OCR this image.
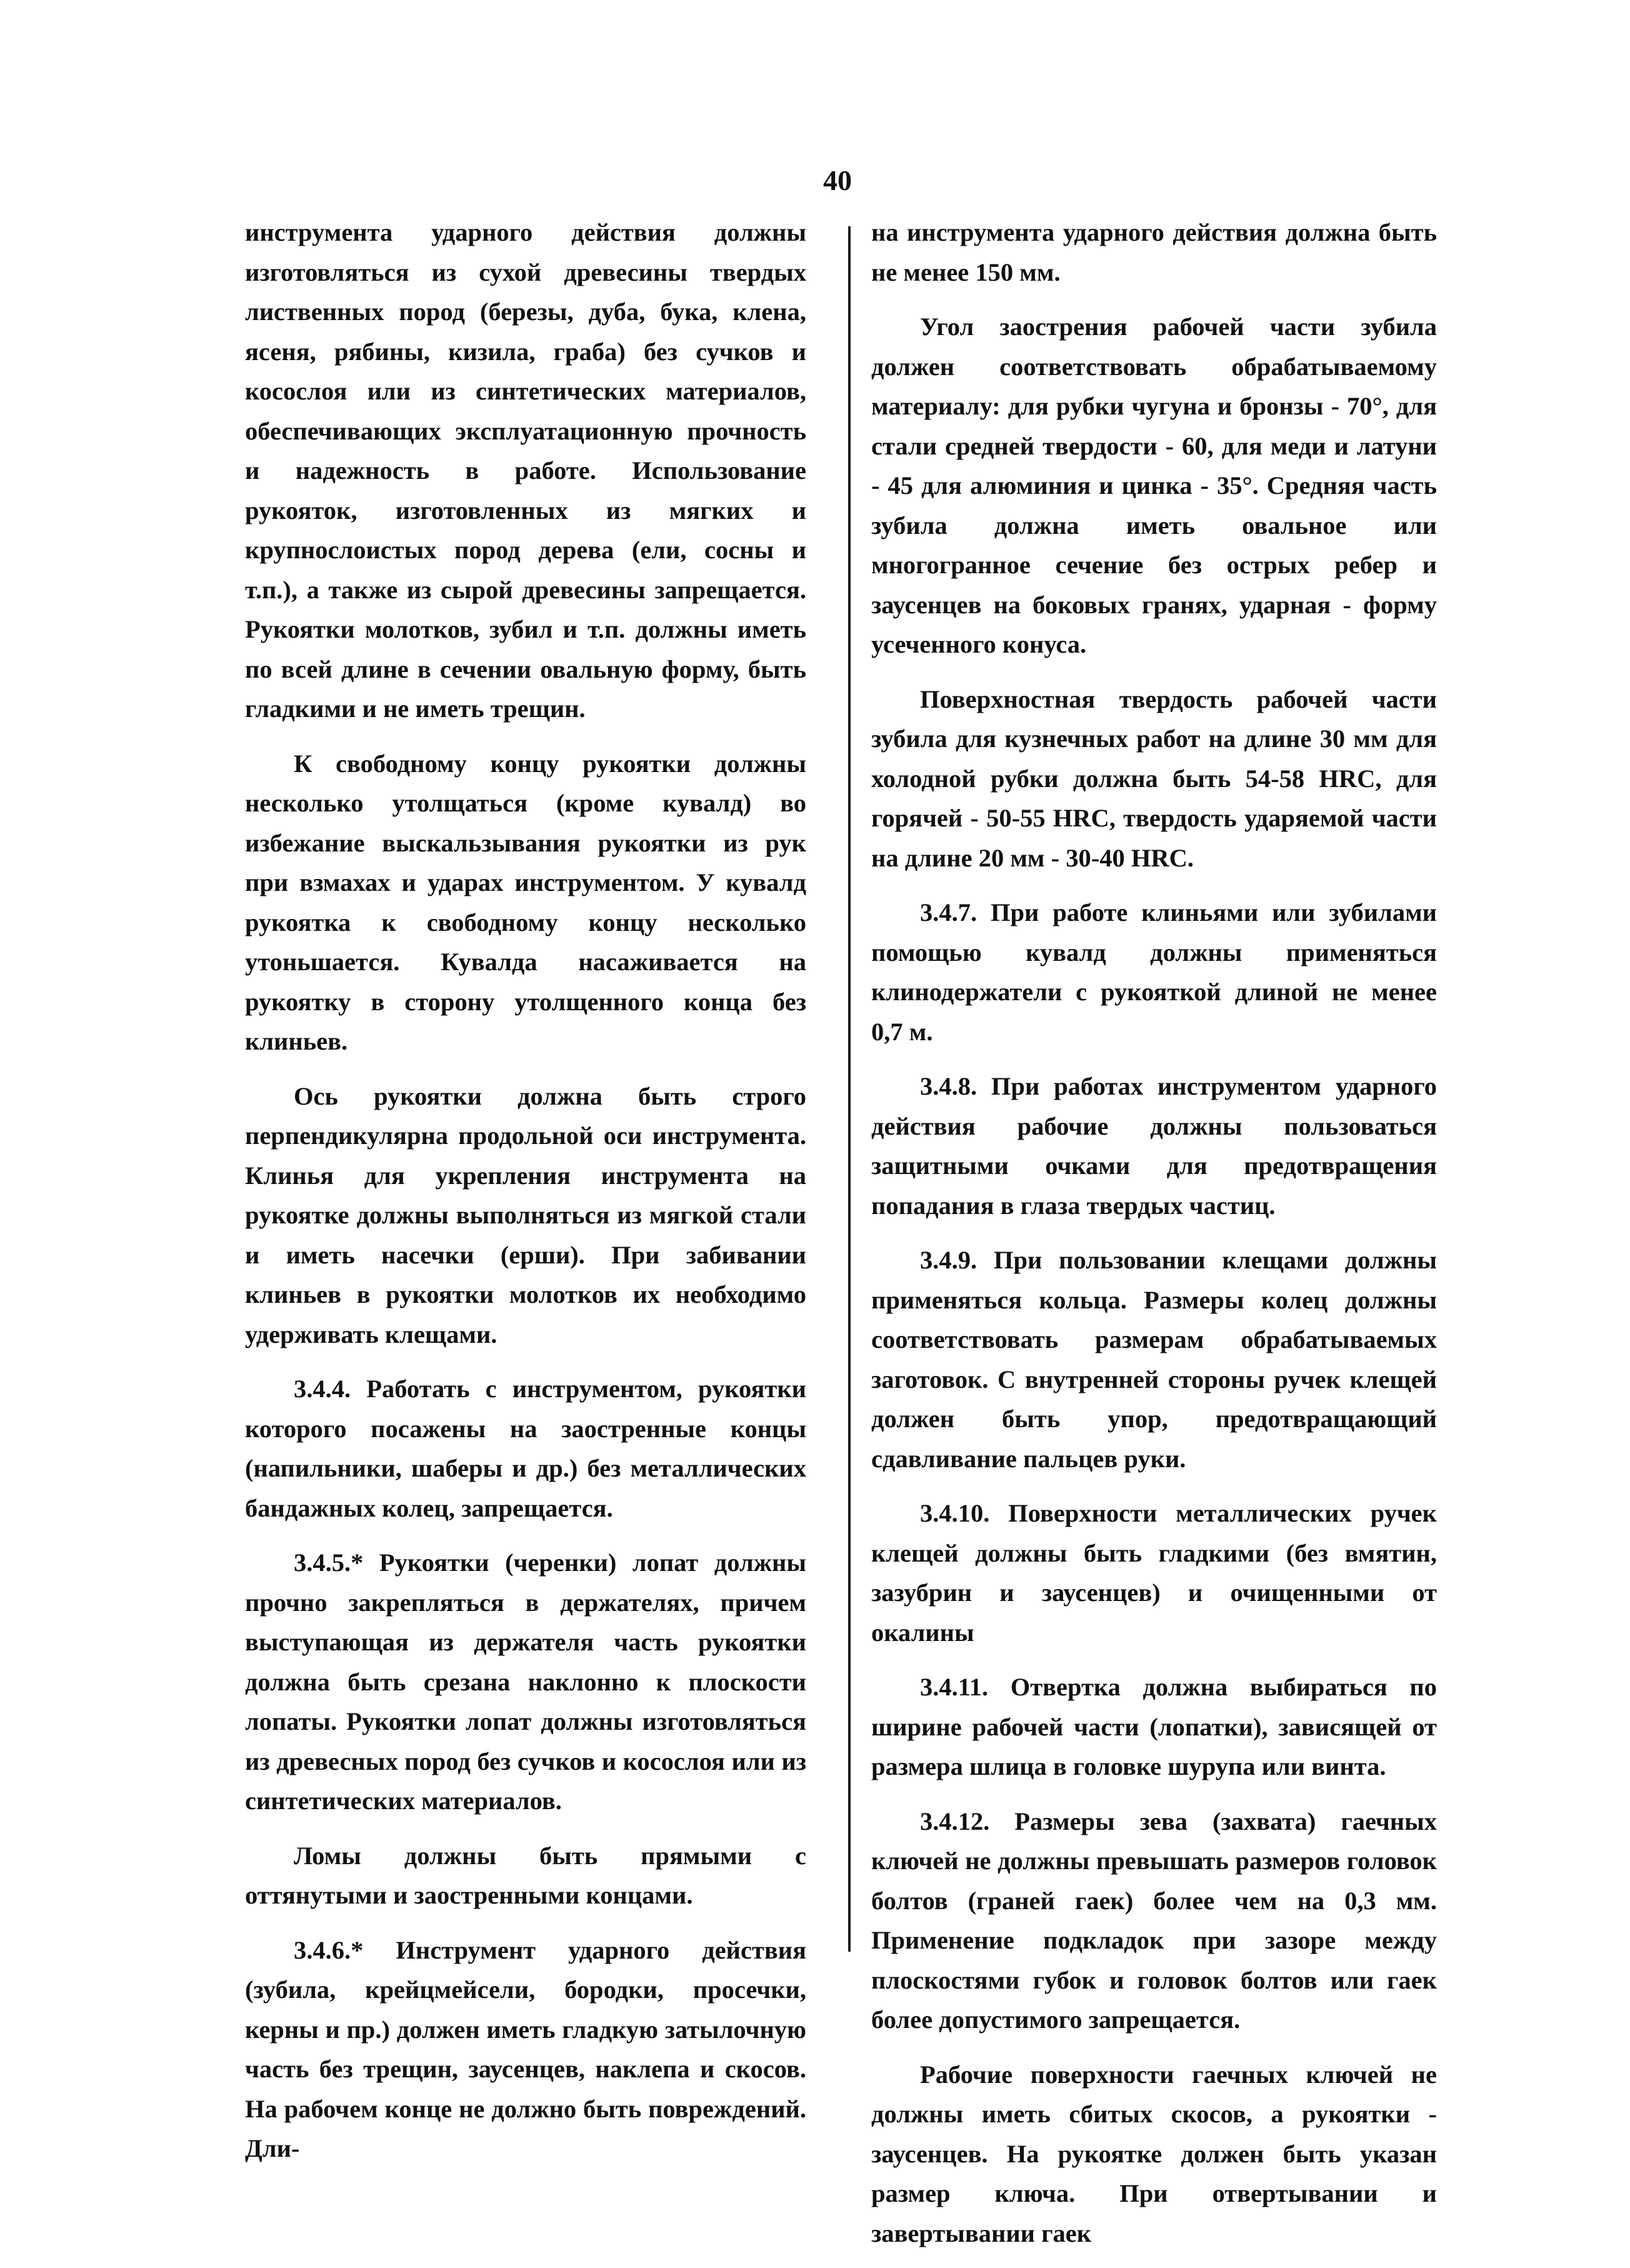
40

инструмента ударного действия должны изготовляться из сухой древесины твердых лиственных пород (березы, дуба, бука, клена, ясеня, рябины, кизила, граба) без сучков и косослоя или из синтетических материалов, обеспечивающих эксплуатационную прочность и надежность в работе. Использование рукояток, изготовленных из мягких и крупнослоистых пород дерева (ели, сосны и т.п.), а также из сырой древесины запрещается. Рукоятки молотков, зубил и т.п. должны иметь по всей длине в сечении овальную форму, быть гладкими и не иметь трещин.

К свободному концу рукоятки должны несколько утолщаться (кроме кувалд) во избежание выскальзывания рукоятки из рук при взмахах и ударах инструментом. У кувалд рукоятка к свободному концу несколько утоньшается. Кувалда насаживается на рукоятку в сторону утолщенного конца без клиньев.

Ось рукоятки должна быть строго перпендикулярна продольной оси инструмента. Клинья для укрепления инструмента на рукоятке должны выполняться из мягкой стали и иметь насечки (ерши). При забивании клиньев в рукоятки молотков их необходимо удерживать клещами.

3.4.4. Работать с инструментом, рукоятки которого посажены на заостренные концы (напильники, шаберы и др.) без металлических бандажных колец, запрещается.

3.4.5.* Рукоятки (черенки) лопат должны прочно закрепляться в держателях, причем выступающая из держателя часть рукоятки должна быть срезана наклонно к плоскости лопаты. Рукоятки лопат должны изготовляться из древесных пород без сучков и косослоя или из синтетических материалов.

Ломы должны быть прямыми с оттянутыми и заостренными концами.

3.4.6.* Инструмент ударного действия (зубила, крейцмейсели, бородки, просечки, керны и пр.) должен иметь гладкую затылочную часть без трещин, заусенцев, наклепа и скосов. На рабочем конце не должно быть повреждений. Дли-

на инструмента ударного действия должна быть не менее 150 мм.

Угол заострения рабочей части зубила должен соответствовать обрабатываемому материалу: для рубки чугуна и бронзы - 70°, для стали средней твердости - 60, для меди и латуни - 45 для алюминия и цинка - 35°. Средняя часть зубила должна иметь овальное или многогранное сечение без острых ребер и заусенцев на боковых гранях, ударная - форму усеченного конуса.

Поверхностная твердость рабочей части зубила для кузнечных работ на длине 30 мм для холодной рубки должна быть 54-58 HRC, для горячей - 50-55 HRC, твердость ударяемой части на длине 20 мм - 30-40 HRC.

3.4.7. При работе клиньями или зубилами помощью кувалд должны применяться клинодержатели с рукояткой длиной не менее 0,7 м.

3.4.8. При работах инструментом ударного действия рабочие должны пользоваться защитными очками для предотвращения попадания в глаза твердых частиц.

3.4.9. При пользовании клещами должны применяться кольца. Размеры колец должны соответствовать размерам обрабатываемых заготовок. С внутренней стороны ручек клещей должен быть упор, предотвращающий сдавливание пальцев руки.

3.4.10. Поверхности металлических ручек клещей должны быть гладкими (без вмятин, зазубрин и заусенцев) и очищенными от окалины

3.4.11. Отвертка должна выбираться по ширине рабочей части (лопатки), зависящей от размера шлица в головке шурупа или винта.

3.4.12. Размеры зева (захвата) гаечных ключей не должны превышать размеров головок болтов (граней гаек) более чем на 0,3 мм. Применение подкладок при зазоре между плоскостями губок и головок болтов или гаек более допустимого запрещается.

Рабочие поверхности гаечных ключей не должны иметь сбитых скосов, а рукоятки - заусенцев. На рукоятке должен быть указан размер ключа. При отвертывании и завертывании гаек
